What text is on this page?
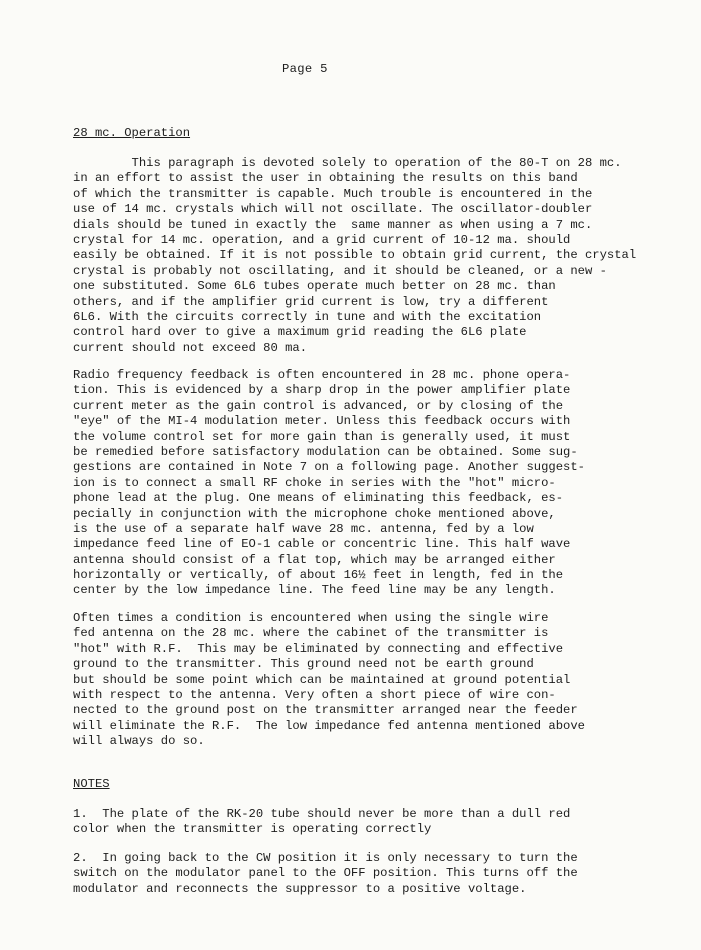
Page 5
28 mc. Operation
This paragraph is devoted solely to operation of the 80-T on 28 mc.
in an effort to assist the user in obtaining the results on this band
of which the transmitter is capable. Much trouble is encountered in the
use of 14 mc. crystals which will not oscillate. The oscillator-doubler
dials should be tuned in exactly the  same manner as when using a 7 mc.
crystal for 14 mc. operation, and a grid current of 10-12 ma. should
easily be obtained. If it is not possible to obtain grid current, the crystal
crystal is probably not oscillating, and it should be cleaned, or a new -
one substituted. Some 6L6 tubes operate much better on 28 mc. than
others, and if the amplifier grid current is low, try a different
6L6. With the circuits correctly in tune and with the excitation
control hard over to give a maximum grid reading the 6L6 plate
current should not exceed 80 ma.
Radio frequency feedback is often encountered in 28 mc. phone opera-
tion. This is evidenced by a sharp drop in the power amplifier plate
current meter as the gain control is advanced, or by closing of the
"eye" of the MI-4 modulation meter. Unless this feedback occurs with
the volume control set for more gain than is generally used, it must
be remedied before satisfactory modulation can be obtained. Some sug-
gestions are contained in Note 7 on a following page. Another suggest-
ion is to connect a small RF choke in series with the "hot" micro-
phone lead at the plug. One means of eliminating this feedback, es-
pecially in conjunction with the microphone choke mentioned above,
is the use of a separate half wave 28 mc. antenna, fed by a low
impedance feed line of EO-1 cable or concentric line. This half wave
antenna should consist of a flat top, which may be arranged either
horizontally or vertically, of about 16½ feet in length, fed in the
center by the low impedance line. The feed line may be any length.
Often times a condition is encountered when using the single wire
fed antenna on the 28 mc. where the cabinet of the transmitter is
"hot" with R.F.  This may be eliminated by connecting and effective
ground to the transmitter. This ground need not be earth ground
but should be some point which can be maintained at ground potential
with respect to the antenna. Very often a short piece of wire con-
nected to the ground post on the transmitter arranged near the feeder
will eliminate the R.F.  The low impedance fed antenna mentioned above
will always do so.
NOTES
1.  The plate of the RK-20 tube should never be more than a dull red
color when the transmitter is operating correctly
2.  In going back to the CW position it is only necessary to turn the
switch on the modulator panel to the OFF position. This turns off the
modulator and reconnects the suppressor to a positive voltage.
